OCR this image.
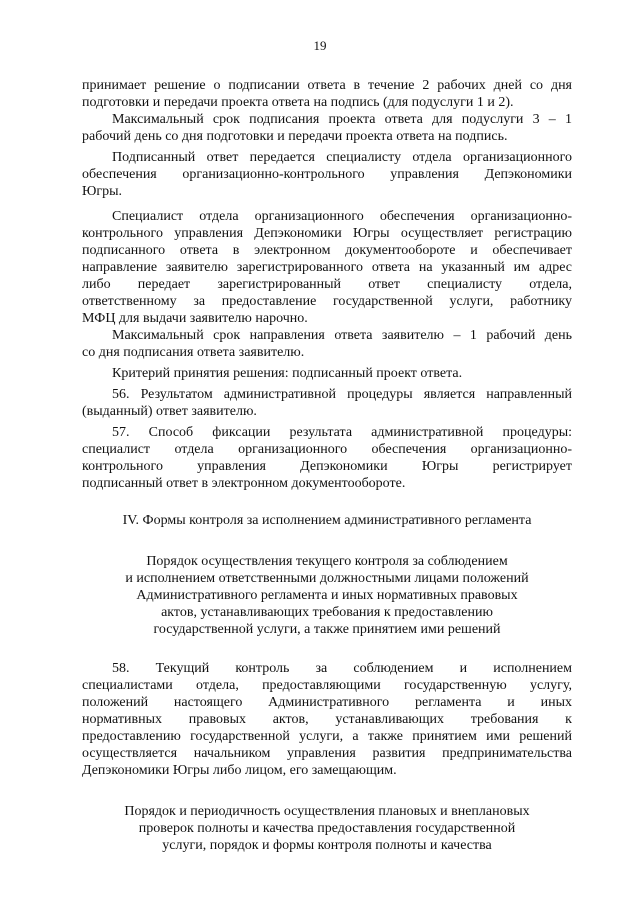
19

принимает решение о подписании ответа в течение 2 рабочих дней со дня
подготовки и передачи проекта ответа на подпись (для подуслуги 1 и 2).

Максимальный срок подписания проекта ответа для подуслуги 3 – 1
рабочий день со дня подготовки и передачи проекта ответа на подпись.

Подписанный ответ передается специалисту отдела организационного
обеспечения организационно-контрольного управления Депэкономики
Югры.

Специалист отдела организационного обеспечения организационно-
контрольного управления Депэкономики Югры осуществляет регистрацию
подписанного ответа в электронном документообороте и обеспечивает
направление заявителю зарегистрированного ответа на указанный им адрес
либо передает зарегистрированный ответ специалисту отдела,
ответственному за предоставление государственной услуги, работнику
МФЦ для выдачи заявителю нарочно.

Максимальный срок направления ответа заявителю – 1 рабочий день
со дня подписания ответа заявителю.

Критерий принятия решения: подписанный проект ответа.

56. Результатом административной процедуры является направленный
(выданный) ответ заявителю.

57. Способ фиксации результата административной процедуры:
специалист отдела организационного обеспечения организационно-
контрольного управления Депэкономики Югры регистрирует
подписанный ответ в электронном документообороте.

IV. Формы контроля за исполнением административного регламента

Порядок осуществления текущего контроля за соблюдением
и исполнением ответственными должностными лицами положений
Административного регламента и иных нормативных правовых
актов, устанавливающих требования к предоставлению
государственной услуги, а также принятием ими решений

58. Текущий контроль за соблюдением и исполнением
специалистами отдела, предоставляющими государственную услугу,
положений настоящего Административного регламента и иных
нормативных правовых актов, устанавливающих требования к
предоставлению государственной услуги, а также принятием ими решений
осуществляется начальником управления развития предпринимательства
Депэкономики Югры либо лицом, его замещающим.

Порядок и периодичность осуществления плановых и внеплановых
проверок полноты и качества предоставления государственной
услуги, порядок и формы контроля полноты и качества
